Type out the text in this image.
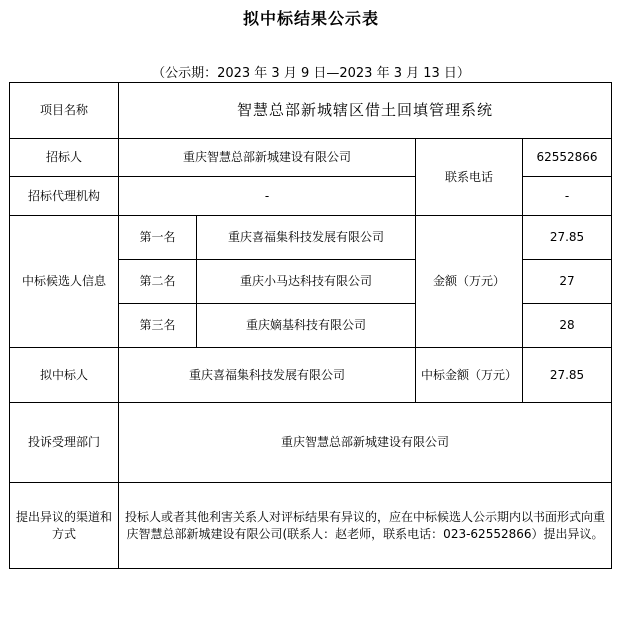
拟中标结果公示表
（公示期：2023 年 3 月 9 日—2023 年 3 月 13 日）
项目名称	智慧总部新城辖区借土回填管理系统			
招标人	重庆智慧总部新城建设有限公司		联系电话	62552866
招标代理机构	-			-
中标候选人信息	第一名	重庆喜福集科技发展有限公司	金额（万元）	27.85
	第二名	重庆小马达科技有限公司		27
	第三名	重庆嫡基科技有限公司		28
拟中标人	重庆喜福集科技发展有限公司		中标金额（万元）	27.85
投诉受理部门	重庆智慧总部新城建设有限公司			
提出异议的渠道和方式	投标人或者其他利害关系人对评标结果有异议的，应在中标候选人公示期内以书面形式向重庆智慧总部新城建设有限公司(联系人：赵老师，联系电话：023-62552866）提出异议。			
